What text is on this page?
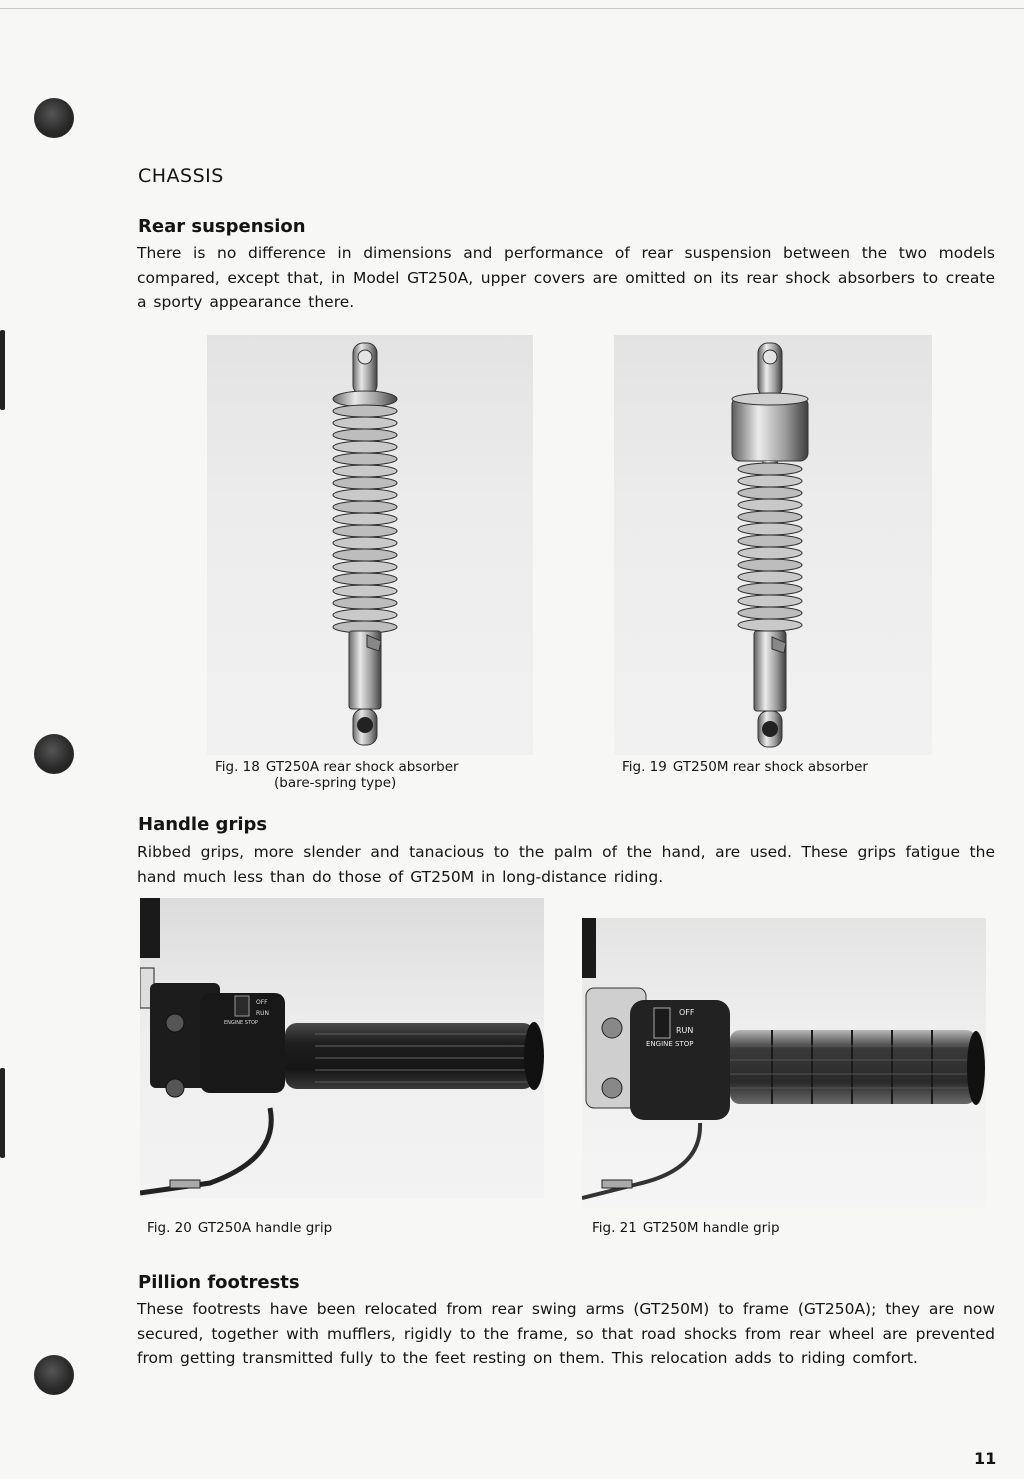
CHASSIS
Rear suspension

There is no difference in dimensions and performance of rear suspension between the two models compared, except that, in Model GT250A, upper covers are omitted on its rear shock absorbers to create a sporty appearance there.

Fig. 18 GT250A rear shock absorber

(bare-spring type)

Fig. 19 GT250M rear shock absorber

Handle grips

Ribbed grips, more slender and tanacious to the palm of the hand, are used. These grips fatigue the hand much less than do those of GT250M in long-distance riding.

OFF
RUN
ENGINE STOP

Fig. 20 GT250A handle grip

OFF
RUN
ENGINE STOP

Fig. 21 GT250M handle grip

Pillion footrests

These footrests have been relocated from rear swing arms (GT250M) to frame (GT250A); they are now secured, together with mufflers, rigidly to the frame, so that road shocks from rear wheel are prevented from getting transmitted fully to the feet resting on them. This relocation adds to riding comfort.

11
